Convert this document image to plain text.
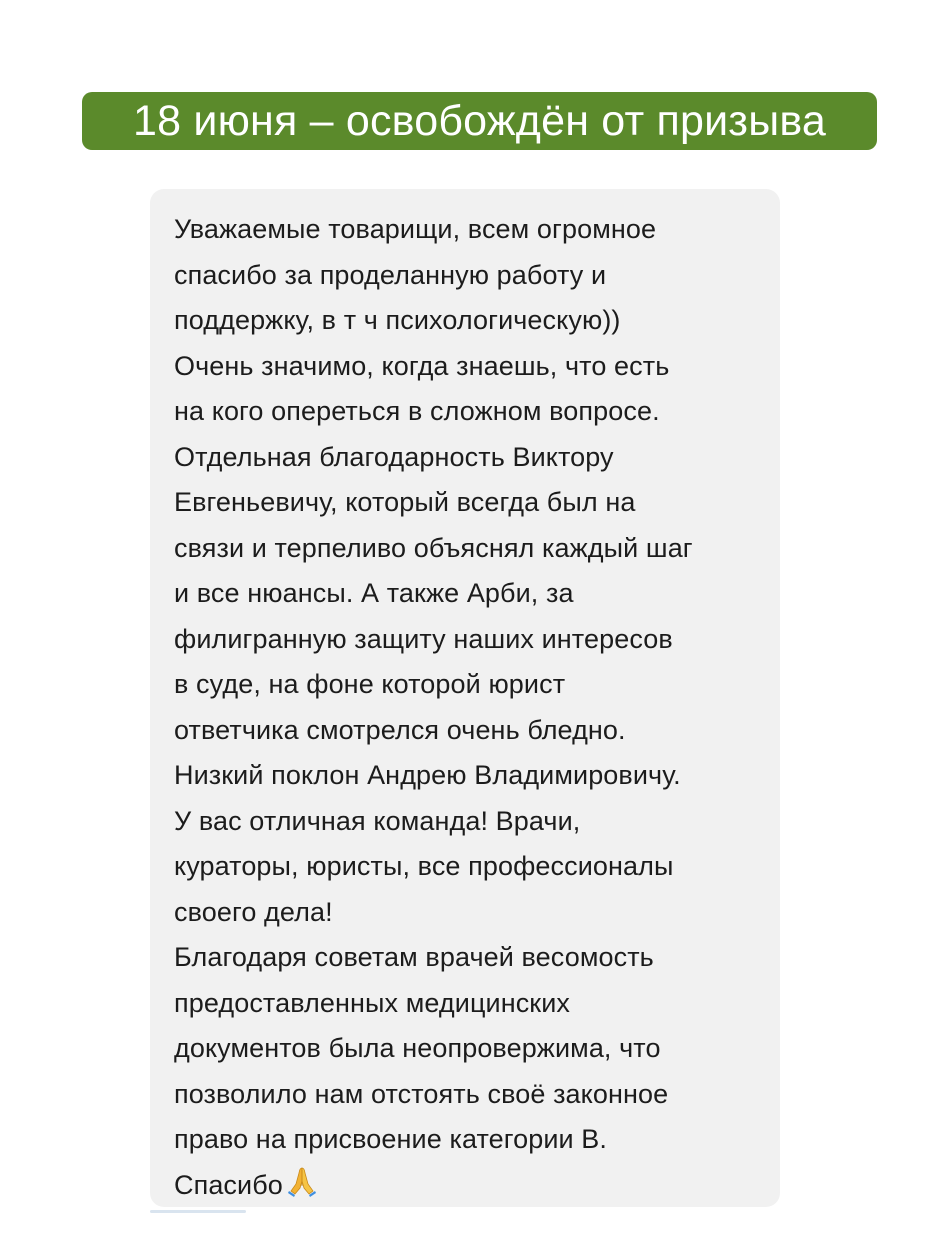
18 июня – освобождён от призыва
Уважаемые товарищи, всем огромное
спасибо за проделанную работу и
поддержку, в т ч психологическую))
Очень значимо, когда знаешь, что есть
на кого опереться в сложном вопросе.
Отдельная благодарность Виктору
Евгеньевичу, который всегда был на
связи и терпеливо объяснял каждый шаг
и все нюансы. А также Арби, за
филигранную защиту наших интересов
в суде, на фоне которой юрист
ответчика смотрелся очень бледно.
Низкий поклон Андрею Владимировичу.
У вас отличная команда! Врачи,
кураторы, юристы, все профессионалы
своего дела!
Благодаря советам врачей весомость
предоставленных медицинских
документов была неопровержима, что
позволило нам отстоять своё законное
право на присвоение категории В.
Спасибо
